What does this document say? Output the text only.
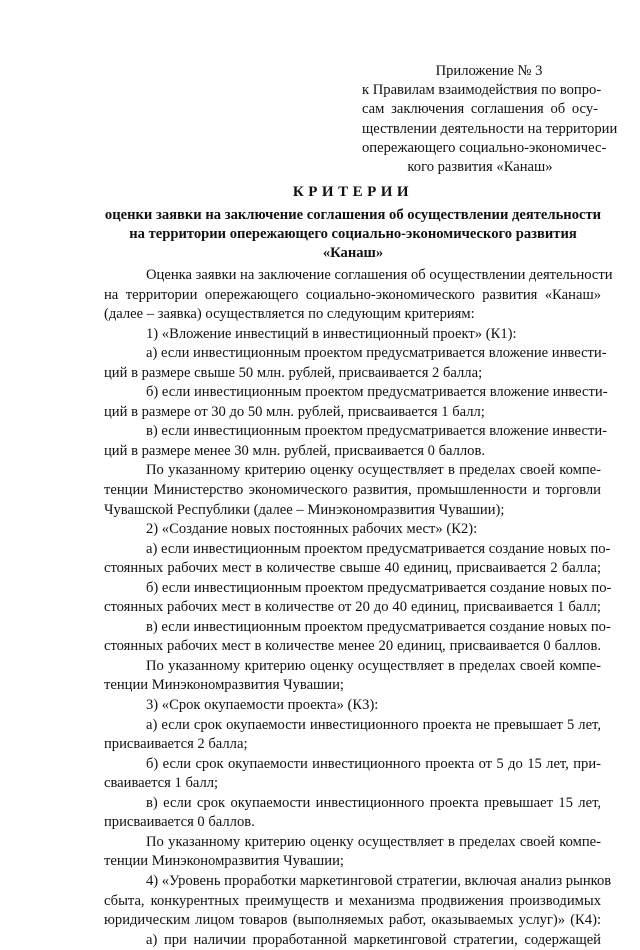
Приложение № 3
к Правилам взаимодействия по вопро-
сам заключения соглашения об осу-
ществлении деятельности на территории
опережающего социально-экономичес-
кого развития «Канаш»
КРИТЕРИИ
оценки заявки на заключение соглашения об осуществлении деятельности
на территории опережающего социально-экономического развития
«Канаш»
Оценка заявки на заключение соглашения об осуществлении деятельности
на территории опережающего социально-экономического развития «Канаш»
(далее – заявка) осуществляется по следующим критериям:
1) «Вложение инвестиций в инвестиционный проект» (К1):
а) если инвестиционным проектом предусматривается вложение инвести-
ций в размере свыше 50 млн. рублей, присваивается 2 балла;
б) если инвестиционным проектом предусматривается вложение инвести-
ций в размере от 30 до 50 млн. рублей, присваивается 1 балл;
в) если инвестиционным проектом предусматривается вложение инвести-
ций в размере менее 30 млн. рублей, присваивается 0 баллов.
По указанному критерию оценку осуществляет в пределах своей компе-
тенции Министерство экономического развития, промышленности и торговли
Чувашской Республики (далее – Минэкономразвития Чувашии);
2) «Создание новых постоянных рабочих мест» (К2):
а) если инвестиционным проектом предусматривается создание новых по-
стоянных рабочих мест в количестве свыше 40 единиц, присваивается 2 балла;
б) если инвестиционным проектом предусматривается создание новых по-
стоянных рабочих мест в количестве от 20 до 40 единиц, присваивается 1 балл;
в) если инвестиционным проектом предусматривается создание новых по-
стоянных рабочих мест в количестве менее 20 единиц, присваивается 0 баллов.
По указанному критерию оценку осуществляет в пределах своей компе-
тенции Минэкономразвития Чувашии;
3) «Срок окупаемости проекта» (К3):
а) если срок окупаемости инвестиционного проекта не превышает 5 лет,
присваивается 2 балла;
б) если срок окупаемости инвестиционного проекта от 5 до 15 лет, при-
сваивается 1 балл;
в) если срок окупаемости инвестиционного проекта превышает 15 лет,
присваивается 0 баллов.
По указанному критерию оценку осуществляет в пределах своей компе-
тенции Минэкономразвития Чувашии;
4) «Уровень проработки маркетинговой стратегии, включая анализ рынков
сбыта, конкурентных преимуществ и механизма продвижения производимых
юридическим лицом товаров (выполняемых работ, оказываемых услуг)» (К4):
а) при наличии проработанной маркетинговой стратегии, содержащей
